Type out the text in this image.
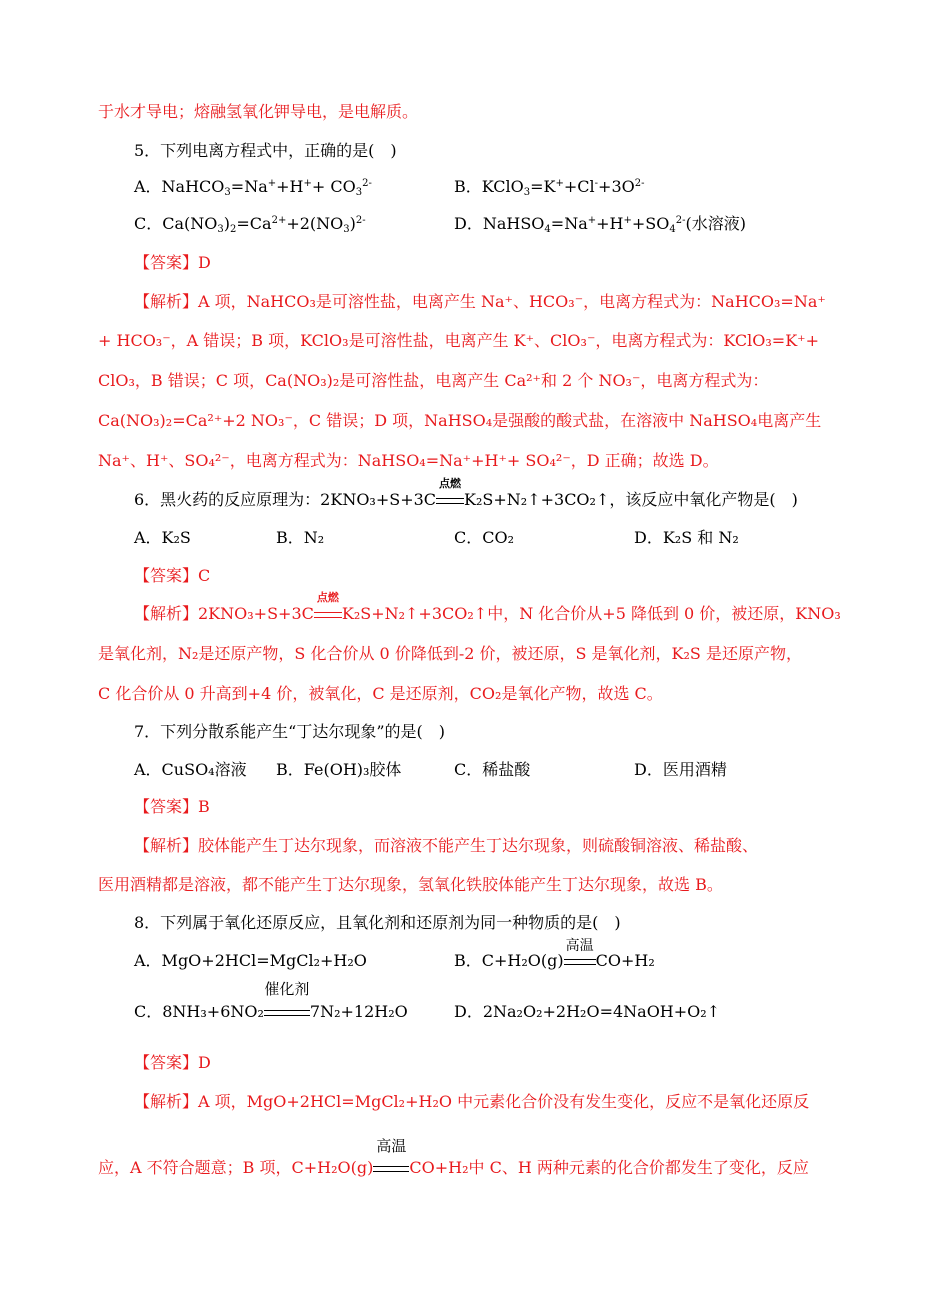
于水才导电；熔融氢氧化钾导电，是电解质。
5．下列电离方程式中，正确的是(　)
A．NaHCO$_3$=Na++H++ $CO_3^{2-}$	B．$KClO_3=K^++Cl^-+3O^{2-}$
C．$Ca(NO_3)_2=Ca^{2+}+2(NO_3)^{2-}$	D．$NaHSO_4=Na^++H^++SO_4^{2-}$(水溶液)
【答案】D
【解析】A 项，NaHCO₃是可溶性盐，电离产生 Na⁺、HCO₃⁻，电离方程式为：NaHCO₃=Na⁺
+ HCO₃⁻，A 错误；B 项，KClO₃是可溶性盐，电离产生 K⁺、ClO₃⁻，电离方程式为：KClO₃=K⁺+
ClO₃，B 错误；C 项，Ca(NO₃)₂是可溶性盐，电离产生 Ca²⁺和 2 个 NO₃⁻，电离方程式为：
Ca(NO₃)₂=Ca²⁺+2 NO₃⁻，C 错误；D 项，NaHSO₄是强酸的酸式盐，在溶液中 NaHSO₄电离产生
Na⁺、H⁺、SO₄²⁻，电离方程式为：NaHSO₄=Na⁺+H⁺+ SO₄²⁻，D 正确；故选 D。
6．黑火药的反应原理为：2KNO₃+S+3C
点燃
K₂S+N₂↑+3CO₂↑，该反应中氧化产物是(　)
A．K₂S	B．N₂	C．CO₂	D．K₂S 和 N₂
【答案】C
【解析】2KNO₃+S+3C
点燃
K₂S+N₂↑+3CO₂↑中，N 化合价从+5 降低到 0 价，被还原，KNO₃
是氧化剂，N₂是还原产物，S 化合价从 0 价降低到-2 价，被还原，S 是氧化剂，K₂S 是还原产物，
C 化合价从 0 升高到+4 价，被氧化，C 是还原剂，CO₂是氧化产物，故选 C。
7．下列分散系能产生“丁达尔现象”的是(　)
A．CuSO₄溶液 B．Fe(OH)₃胶体	C．稀盐酸	D．医用酒精
【答案】B
【解析】胶体能产生丁达尔现象，而溶液不能产生丁达尔现象，则硫酸铜溶液、稀盐酸、
医用酒精都是溶液，都不能产生丁达尔现象，氢氧化铁胶体能产生丁达尔现象，故选 B。
8．下列属于氧化还原反应，且氧化剂和还原剂为同一种物质的是(　)
A．MgO+2HCl=MgCl₂+H₂O	B．C+H₂O(g)
高温
CO+H₂
C．8NH₃+6NO₂
催化剂
7N₂+12H₂O	D．2Na₂O₂+2H₂O=4NaOH+O₂↑
【答案】D
【解析】A 项，MgO+2HCl=MgCl₂+H₂O 中元素化合价没有发生变化，反应不是氧化还原反
应，A 不符合题意；B 项，C+H₂O(g)
高温
CO+H₂中 C、H 两种元素的化合价都发生了变化，反应
